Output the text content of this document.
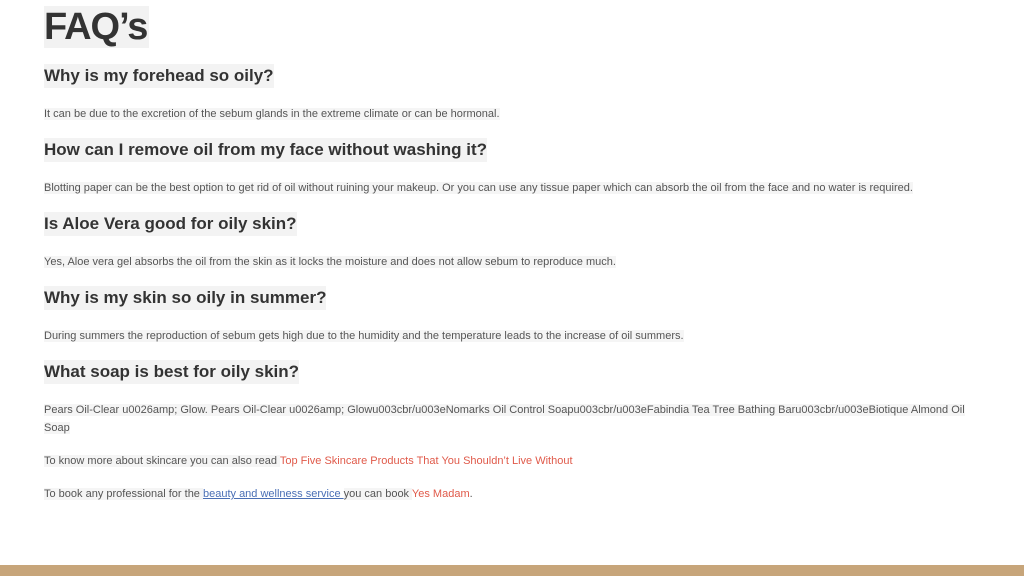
FAQ’s
Why is my forehead so oily?
It can be due to the excretion of the sebum glands in the extreme climate or can be hormonal.
How can I remove oil from my face without washing it?
Blotting paper can be the best option to get rid of oil without ruining your makeup. Or you can use any tissue paper which can absorb the oil from the face and no water is required.
Is Aloe Vera good for oily skin?
Yes, Aloe vera gel absorbs the oil from the skin as it locks the moisture and does not allow sebum to reproduce much.
Why is my skin so oily in summer?
During summers the reproduction of sebum gets high due to the humidity and the temperature leads to the increase of oil summers.
What soap is best for oily skin?
Pears Oil-Clear u0026amp; Glow. Pears Oil-Clear u0026amp; Glowu003cbr/u003eNomarks Oil Control Soapu003cbr/u003eFabindia Tea Tree Bathing Baru003cbr/u003eBiotique Almond Oil Soap

To know more about skincare you can also read Top Five Skincare Products That You Shouldn’t Live Without

To book any professional for the beauty and wellness service you can book Yes Madam.
